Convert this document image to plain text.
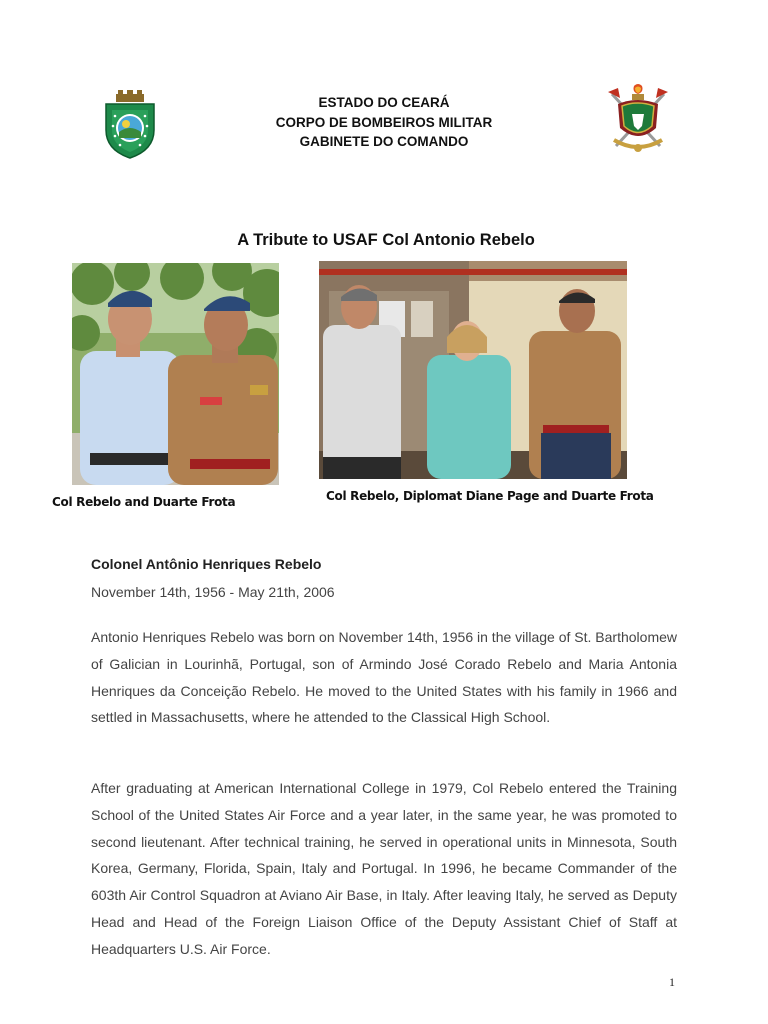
ESTADO DO CEARÁ
CORPO DE BOMBEIROS MILITAR
GABINETE DO COMANDO
A Tribute to USAF Col Antonio Rebelo
Col Rebelo and Duarte Frota	Col Rebelo, Diplomat Diane Page and Duarte Frota
Colonel Antônio Henriques Rebelo
November 14th, 1956 - May 21th, 2006
Antonio Henriques Rebelo was born on November 14th, 1956 in the village of St. Bartholomew of Galician in Lourinhã, Portugal, son of Armindo José Corado Rebelo and Maria Antonia Henriques da Conceição Rebelo. He moved to the United States with his family in 1966 and settled in Massachusetts, where he attended to the Classical High School.
After graduating at American International College in 1979, Col Rebelo entered the Training School of the United States Air Force and a year later, in the same year, he was promoted to second lieutenant. After technical training, he served in operational units in Minnesota, South Korea, Germany, Florida, Spain, Italy and Portugal. In 1996, he became Commander of the 603th Air Control Squadron at Aviano Air Base, in Italy. After leaving Italy, he served as Deputy Head and Head of the Foreign Liaison Office of the Deputy Assistant Chief of Staff at Headquarters U.S. Air Force.
1
